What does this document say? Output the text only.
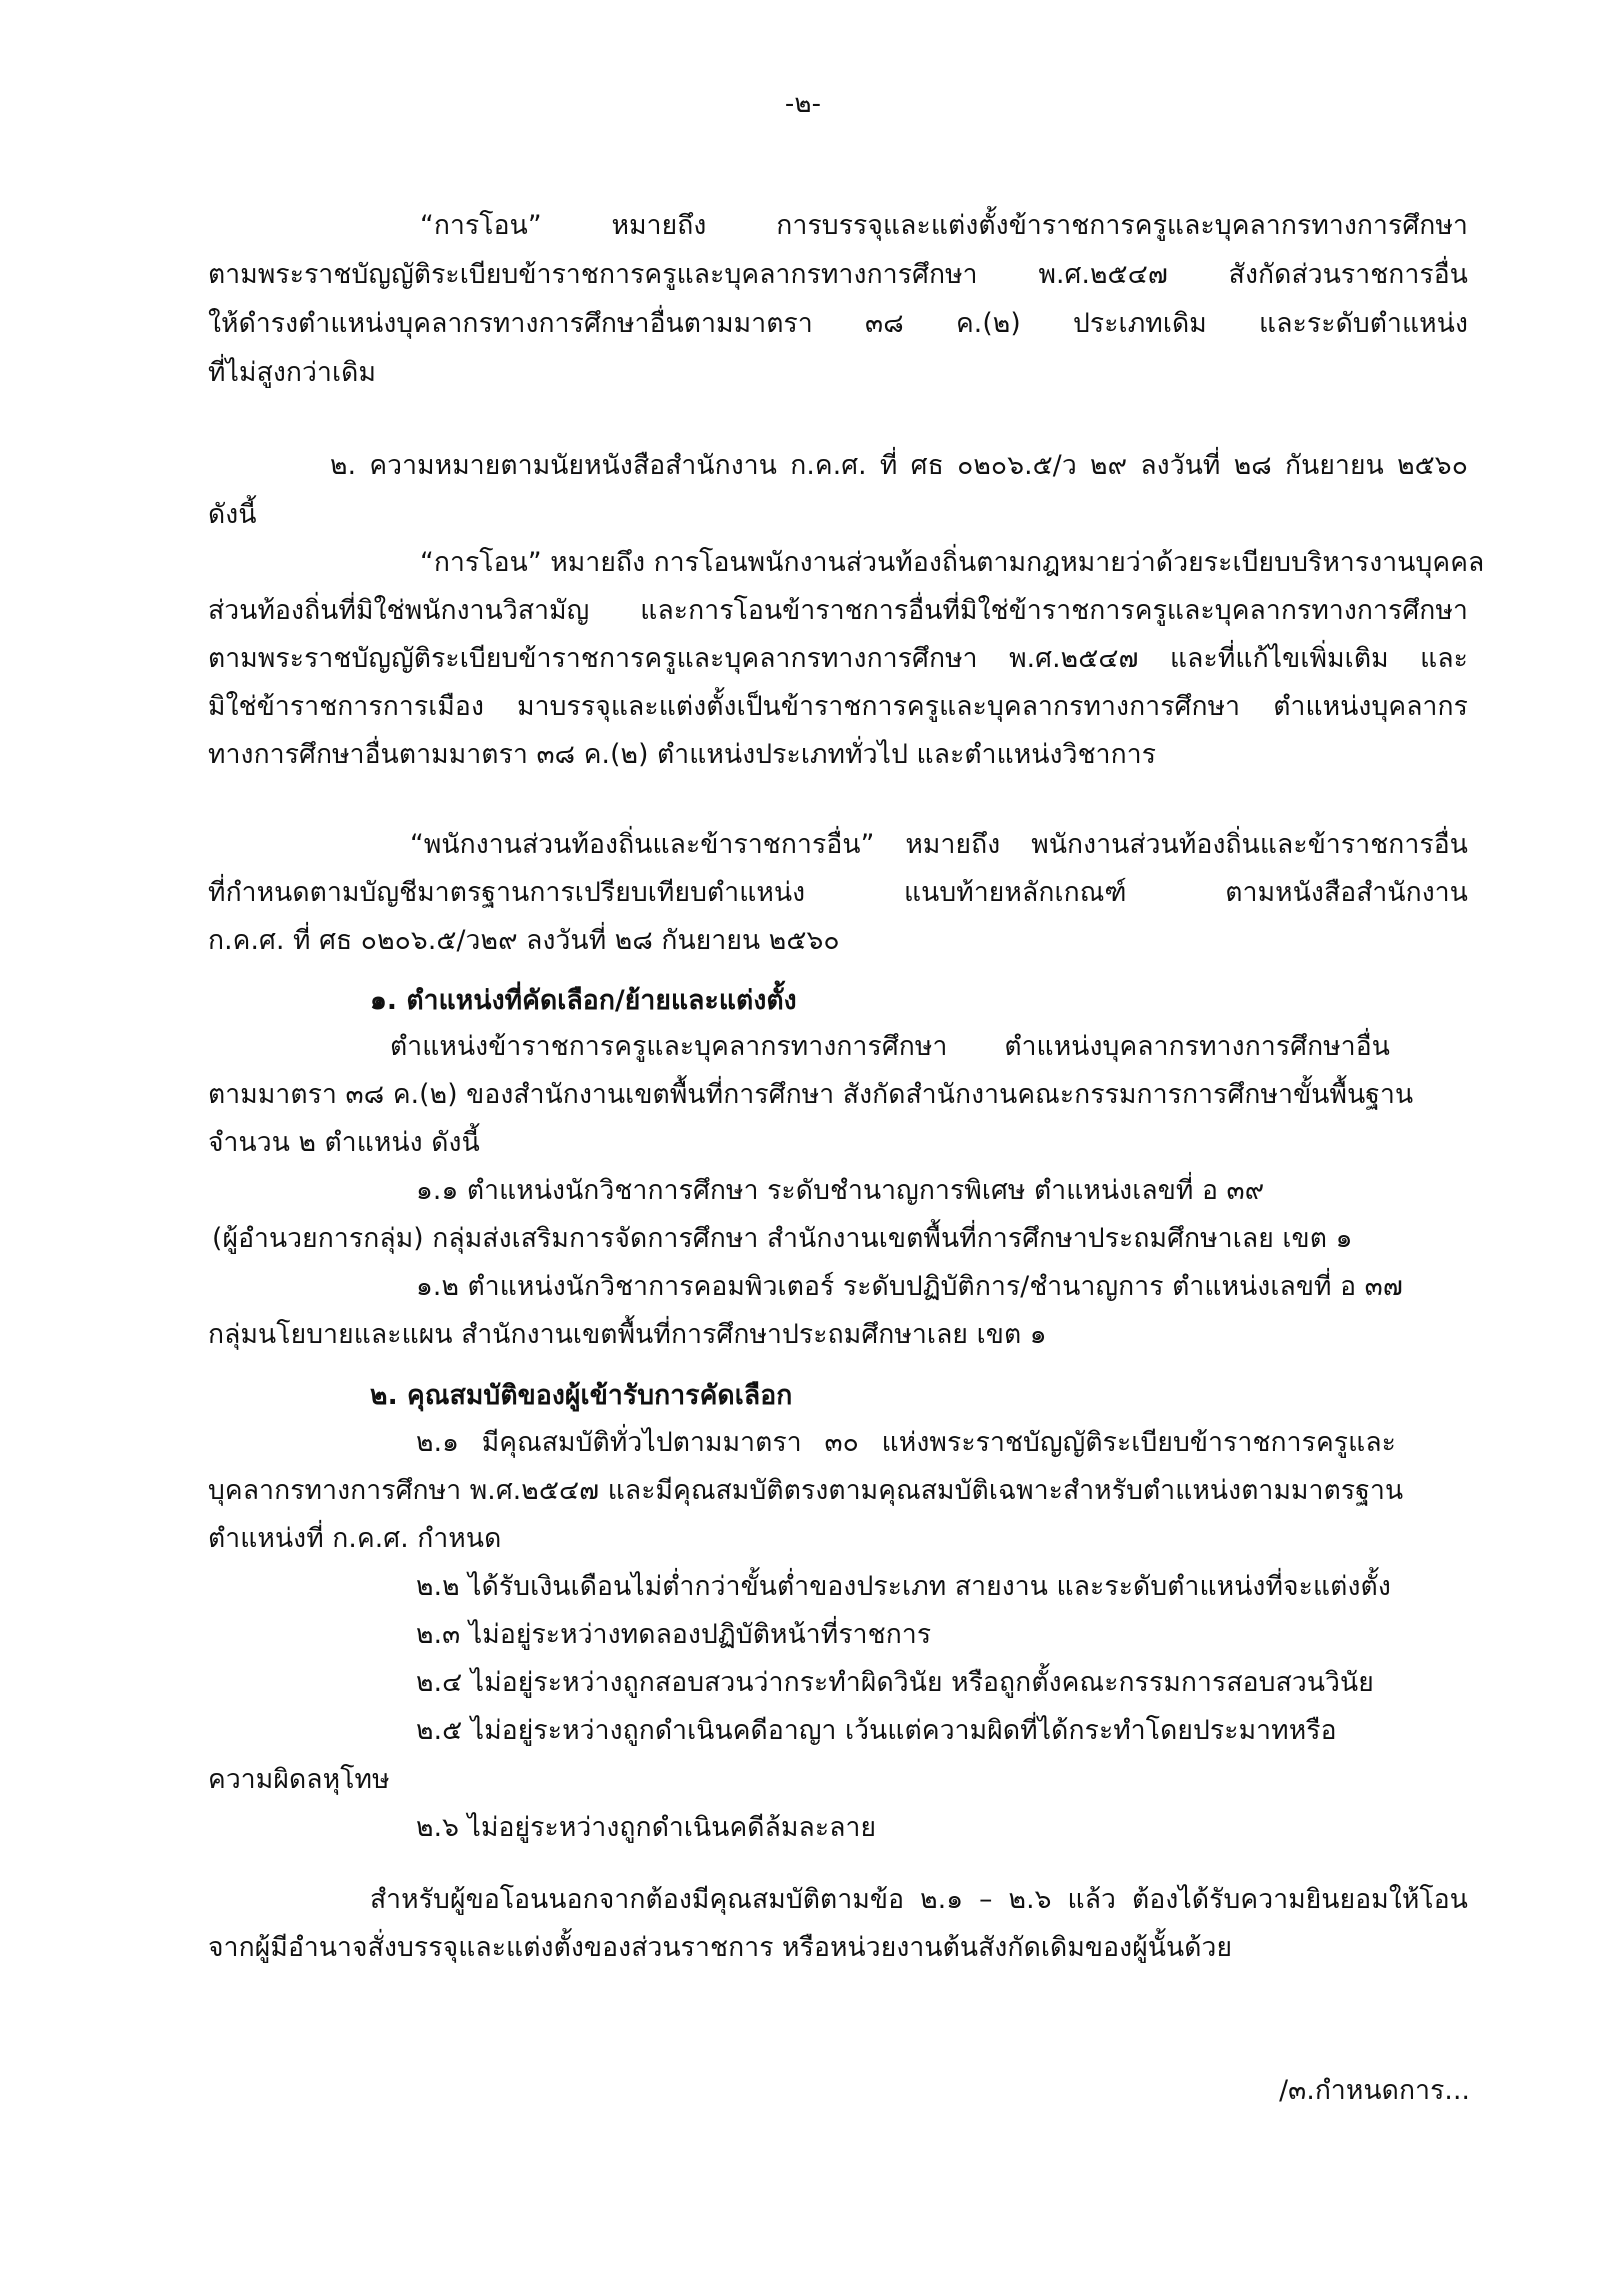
-๒-
“การโอน” หมายถึง การบรรจุและแต่งตั้งข้าราชการครูและบุคลากรทางการศึกษา
ตามพระราชบัญญัติระเบียบข้าราชการครูและบุคลากรทางการศึกษา พ.ศ.๒๕๔๗ สังกัดส่วนราชการอื่น
ให้ดำรงตำแหน่งบุคลากรทางการศึกษาอื่นตามมาตรา ๓๘ ค.(๒) ประเภทเดิม และระดับตำแหน่ง
ที่ไม่สูงกว่าเดิม
๒. ความหมายตามนัยหนังสือสำนักงาน ก.ค.ศ. ที่ ศธ ๐๒๐๖.๕/ว ๒๙ ลงวันที่ ๒๘ กันยายน ๒๕๖๐
ดังนี้
“การโอน” หมายถึง การโอนพนักงานส่วนท้องถิ่นตามกฎหมายว่าด้วยระเบียบบริหารงานบุคคล
ส่วนท้องถิ่นที่มิใช่พนักงานวิสามัญ และการโอนข้าราชการอื่นที่มิใช่ข้าราชการครูและบุคลากรทางการศึกษา
ตามพระราชบัญญัติระเบียบข้าราชการครูและบุคลากรทางการศึกษา พ.ศ.๒๕๔๗ และที่แก้ไขเพิ่มเติม และ
มิใช่ข้าราชการการเมือง มาบรรจุและแต่งตั้งเป็นข้าราชการครูและบุคลากรทางการศึกษา ตำแหน่งบุคลากร
ทางการศึกษาอื่นตามมาตรา ๓๘ ค.(๒) ตำแหน่งประเภททั่วไป และตำแหน่งวิชาการ
“พนักงานส่วนท้องถิ่นและข้าราชการอื่น” หมายถึง พนักงานส่วนท้องถิ่นและข้าราชการอื่น
ที่กำหนดตามบัญชีมาตรฐานการเปรียบเทียบตำแหน่ง แนบท้ายหลักเกณฑ์ ตามหนังสือสำนักงาน
ก.ค.ศ. ที่ ศธ ๐๒๐๖.๕/ว๒๙ ลงวันที่ ๒๘ กันยายน ๒๕๖๐
๑. ตำแหน่งที่คัดเลือก/ย้ายและแต่งตั้ง
ตำแหน่งข้าราชการครูและบุคลากรทางการศึกษา ตำแหน่งบุคลากรทางการศึกษาอื่น
ตามมาตรา ๓๘ ค.(๒) ของสำนักงานเขตพื้นที่การศึกษา สังกัดสำนักงานคณะกรรมการการศึกษาขั้นพื้นฐาน
จำนวน ๒ ตำแหน่ง ดังนี้
๑.๑ ตำแหน่งนักวิชาการศึกษา ระดับชำนาญการพิเศษ ตำแหน่งเลขที่ อ ๓๙
(ผู้อำนวยการกลุ่ม) กลุ่มส่งเสริมการจัดการศึกษา สำนักงานเขตพื้นที่การศึกษาประถมศึกษาเลย เขต ๑
๑.๒ ตำแหน่งนักวิชาการคอมพิวเตอร์ ระดับปฏิบัติการ/ชำนาญการ ตำแหน่งเลขที่ อ ๓๗
กลุ่มนโยบายและแผน สำนักงานเขตพื้นที่การศึกษาประถมศึกษาเลย เขต ๑
๒. คุณสมบัติของผู้เข้ารับการคัดเลือก
๒.๑ มีคุณสมบัติทั่วไปตามมาตรา ๓๐ แห่งพระราชบัญญัติระเบียบข้าราชการครูและ
บุคลากรทางการศึกษา พ.ศ.๒๕๔๗ และมีคุณสมบัติตรงตามคุณสมบัติเฉพาะสำหรับตำแหน่งตามมาตรฐาน
ตำแหน่งที่ ก.ค.ศ. กำหนด
๒.๒ ได้รับเงินเดือนไม่ต่ำกว่าขั้นต่ำของประเภท สายงาน และระดับตำแหน่งที่จะแต่งตั้ง
๒.๓ ไม่อยู่ระหว่างทดลองปฏิบัติหน้าที่ราชการ
๒.๔ ไม่อยู่ระหว่างถูกสอบสวนว่ากระทำผิดวินัย หรือถูกตั้งคณะกรรมการสอบสวนวินัย
๒.๕ ไม่อยู่ระหว่างถูกดำเนินคดีอาญา เว้นแต่ความผิดที่ได้กระทำโดยประมาทหรือ
ความผิดลหุโทษ
๒.๖ ไม่อยู่ระหว่างถูกดำเนินคดีล้มละลาย
สำหรับผู้ขอโอนนอกจากต้องมีคุณสมบัติตามข้อ ๒.๑ – ๒.๖ แล้ว ต้องได้รับความยินยอมให้โอน
จากผู้มีอำนาจสั่งบรรจุและแต่งตั้งของส่วนราชการ หรือหน่วยงานต้นสังกัดเดิมของผู้นั้นด้วย
/๓.กำหนดการ...
